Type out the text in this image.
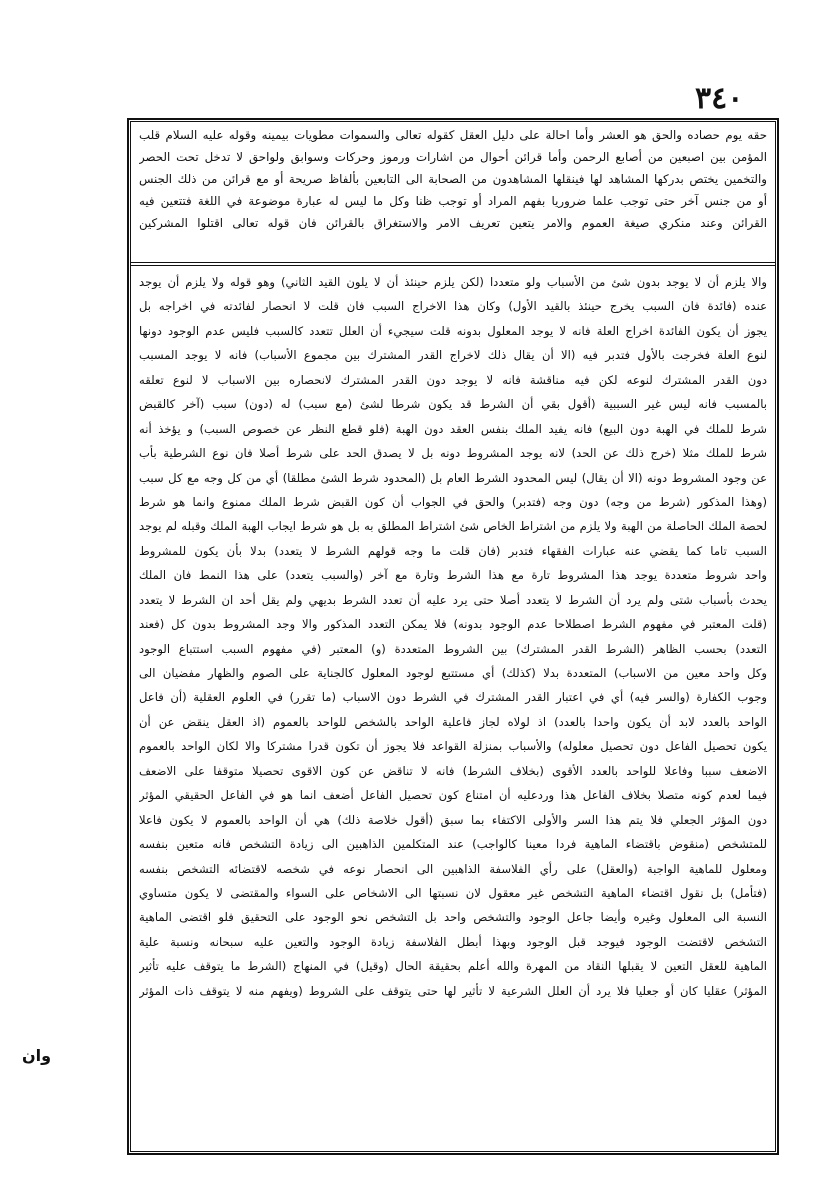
٣٤٠
حقه يوم حصاده والحق هو العشر وأما احالة على دليل العقل كقوله تعالى والسموات مطويات بيمينه وقوله عليه السلام قلب
المؤمن بين اصبعين من أصابع الرحمن وأما قرائن أحوال من اشارات ورموز وحركات وسوابق ولواحق لا تدخل تحت الحصر
والتخمين يختص بدركها المشاهد لها فينقلها المشاهدون من الصحابة الى التابعين بألفاظ صريحة أو مع قرائن من ذلك الجنس
أو من جنس آخر حتى توجب علما ضروريا بفهم المراد أو توجب ظنا وكل ما ليس له عبارة موضوعة في اللغة فتتعين فيه
القرائن وعند منكري صيغة العموم والامر يتعين تعريف الامر والاستغراق بالقرائن فان قوله تعالى اقتلوا المشركين
والا يلزم أن لا يوجد بدون شئ من الأسباب ولو متعددا (لكن يلزم حينئذ أن لا يلون القيد الثاني) وهو قوله ولا يلزم أن يوجد
عنده (فائدة فان السبب يخرج حينئذ بالقيد الأول) وكان هذا الاخراج السبب فان قلت لا انحصار لفائدته في اخراجه بل
يجوز أن يكون الفائدة اخراج العلة فانه لا يوجد المعلول بدونه قلت سيجيء أن العلل تتعدد كالسبب فليس عدم الوجود دونها
لنوع العلة فخرجت بالأول فتدبر فيه (الا أن يقال ذلك لاخراج القدر المشترك بين مجموع الأسباب) فانه لا يوجد المسبب
دون القدر المشترك لنوعه لكن فيه مناقشة فانه لا يوجد دون القدر المشترك لانحصاره بين الاسباب لا لنوع تعلقه
بالمسبب فانه ليس غير السببية (أقول بقي أن الشرط قد يكون شرطا لشئ (مع سبب) له (دون) سبب (آخر كالقبض
شرط للملك في الهبة دون البيع) فانه يفيد الملك بنفس العقد دون الهبة (فلو قطع النظر عن خصوص السبب) و يؤخذ أنه
شرط للملك مثلا (خرج ذلك عن الحد) لانه يوجد المشروط دونه بل لا يصدق الحد على شرط أصلا فان نوع الشرطية بأب
عن وجود المشروط دونه (الا أن يقال) ليس المحدود الشرط العام بل (المحدود شرط الشئ مطلقا) أي من كل وجه مع كل سبب
(وهذا المذكور (شرط من وجه) دون وجه (فتدبر) والحق في الجواب أن كون القبض شرط الملك ممنوع وانما هو شرط
لحصة الملك الحاصلة من الهبة ولا يلزم من اشتراط الخاص شئ اشتراط المطلق به بل هو شرط ايجاب الهبة الملك وقبله لم يوجد
السبب تاما كما يقضي عنه عبارات الفقهاء فتدبر (فان قلت ما وجه قولهم الشرط لا يتعدد) بدلا بأن يكون للمشروط
واحد شروط متعددة يوجد هذا المشروط تارة مع هذا الشرط وتارة مع آخر (والسبب يتعدد) على هذا النمط فان الملك
يحدث بأسباب شتى ولم يرد أن الشرط لا يتعدد أصلا حتى يرد عليه أن تعدد الشرط بديهي ولم يقل أحد ان الشرط لا يتعدد
(قلت المعتبر في مفهوم الشرط اصطلاحا عدم الوجود بدونه) فلا يمكن التعدد المذكور والا وجد المشروط بدون كل (فعند
التعدد) بحسب الظاهر (الشرط القدر المشترك) بين الشروط المتعددة (و) المعتبر (في مفهوم السبب استتباع الوجود
وكل واحد معين من الاسباب) المتعددة بدلا (كذلك) أي مستتبع لوجود المعلول كالجناية على الصوم والظهار مفضيان الى
وجوب الكفارة (والسر فيه) أي في اعتبار القدر المشترك في الشرط دون الاسباب (ما تقرر) في العلوم العقلية (أن فاعل
الواحد بالعدد لابد أن يكون واحدا بالعدد) اذ لولاه لجاز فاعلية الواحد بالشخص للواحد بالعموم (اذ العقل ينقض عن أن
يكون تحصيل الفاعل دون تحصيل معلوله) والأسباب بمنزلة القواعد فلا يجوز أن تكون قدرا مشتركا والا لكان الواحد بالعموم
الاضعف سببا وفاعلا للواحد بالعدد الأقوى (بخلاف الشرط) فانه لا تناقض عن كون الاقوى تحصيلا متوقفا على الاضعف
فيما لعدم كونه متصلا بخلاف الفاعل هذا وردعليه أن امتناع كون تحصيل الفاعل أضعف انما هو في الفاعل الحقيقي المؤثر
دون المؤثر الجعلي فلا يتم هذا السر والأولى الاكتفاء بما سبق (أقول خلاصة ذلك) هي أن الواحد بالعموم لا يكون فاعلا
للمتشخص (منقوض باقتضاء الماهية فردا معينا كالواجب) عند المتكلمين الذاهبين الى زيادة التشخص فانه متعين بنفسه
ومعلول للماهية الواجبة (والعقل) على رأي الفلاسفة الذاهبين الى انحصار نوعه في شخصه لاقتضائه التشخص بنفسه
(فتأمل) بل نقول اقتضاء الماهية التشخص غير معقول لان نسبتها الى الاشخاص على السواء والمقتضى لا يكون متساوي
النسبة الى المعلول وغيره وأيضا جاعل الوجود والتشخص واحد بل التشخص نحو الوجود على التحقيق فلو اقتضى الماهية
التشخص لاقتضت الوجود فيوجد قبل الوجود وبهذا أبطل الفلاسفة زيادة الوجود والتعين عليه سبحانه ونسبة علية
الماهية للعقل التعين لا يقبلها النقاد من المهرة والله أعلم بحقيقة الحال (وقيل) في المنهاج (الشرط ما يتوقف عليه تأثير
المؤثر) عقليا كان أو جعليا فلا يرد أن العلل الشرعية لا تأثير لها حتى يتوقف على الشروط (ويفهم منه لا يتوقف ذات المؤثر
وان
